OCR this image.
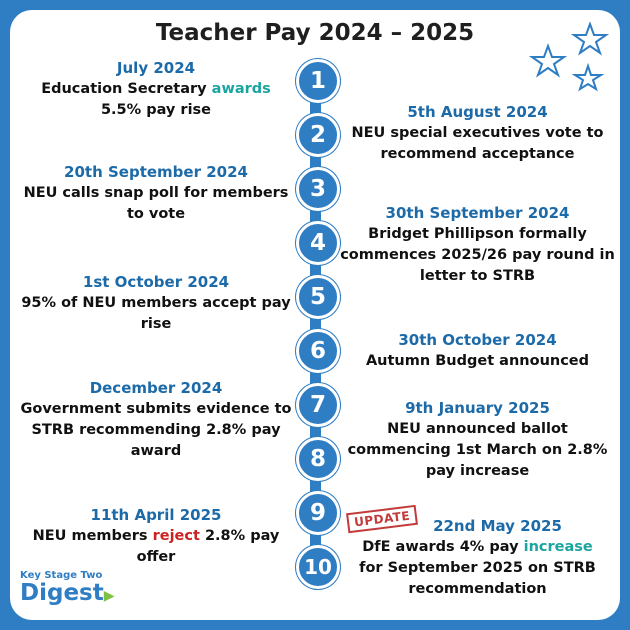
Teacher Pay 2024 – 2025
1
2
3
4
5
6
7
8
9
10
July 2024
Education Secretary awards
5.5% pay rise	5th August 2024
NEU special executives vote to recommend acceptance
20th September 2024
NEU calls snap poll for members to vote	30th September 2024
Bridget Phillipson formally commences 2025/26 pay round in letter to STRB
1st October 2024
95% of NEU members accept pay rise
30th October 2024
Autumn Budget announced
December 2024
Government submits evidence to STRB recommending 2.8% pay award
9th January 2025
NEU announced ballot commencing 1st March on 2.8% pay increase
11th April 2025
NEU members reject 2.8% pay offer
UPDATE	22nd May 2025
DfE awards 4% pay increase
for September 2025 on STRB recommendation
Key Stage Two
Digest▶
